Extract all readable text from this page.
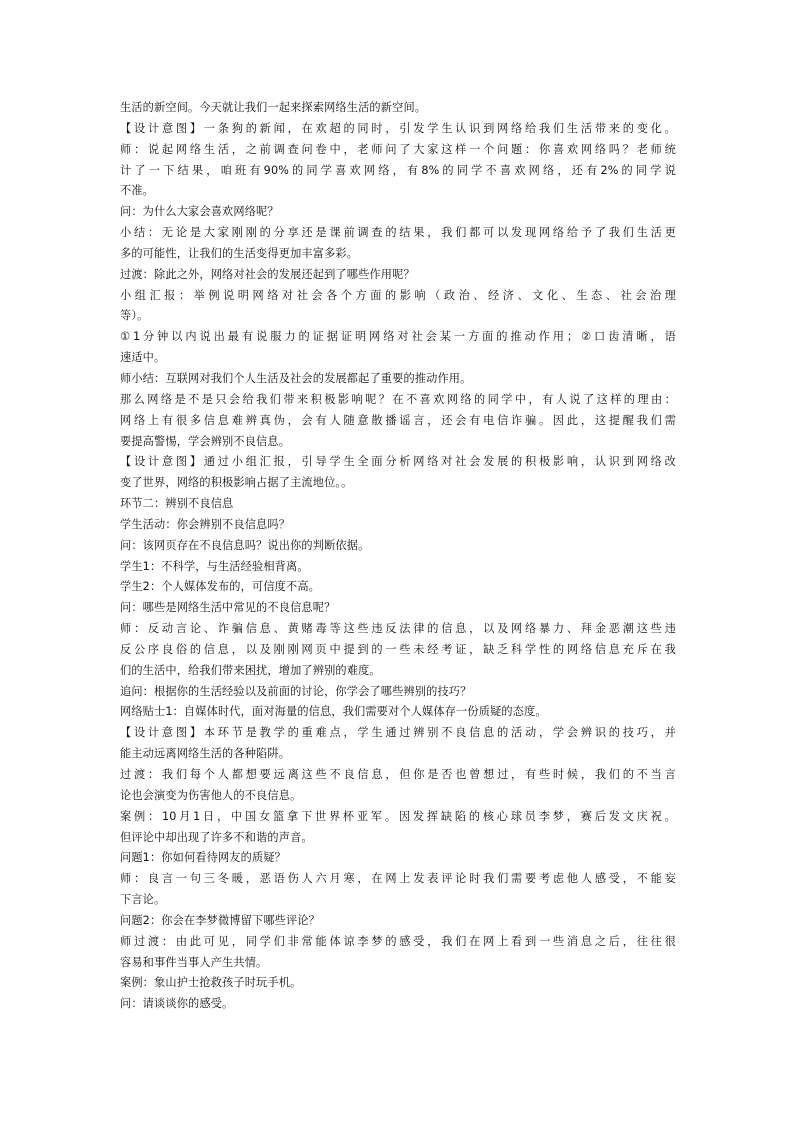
生活的新空间。今天就让我们一起来探索网络生活的新空间。
【设计意图】一条狗的新闻，在欢超的同时，引发学生认识到网络给我们生活带来的变化。
师：说起网络生活，之前调查问卷中，老师问了大家这样一个问题：你喜欢网络吗？老师统
计了一下结果，咱班有90%的同学喜欢网络，有8%的同学不喜欢网络，还有2%的同学说
不准。
问：为什么大家会喜欢网络呢？
小结：无论是大家刚刚的分享还是课前调查的结果，我们都可以发现网络给予了我们生活更
多的可能性，让我们的生活变得更加丰富多彩。
过渡：除此之外，网络对社会的发展还起到了哪些作用呢？
小组汇报：举例说明网络对社会各个方面的影响（政治、经济、文化、生态、社会治理
等）。
①1分钟以内说出最有说服力的证据证明网络对社会某一方面的推动作用；②口齿清晰，语
速适中。
师小结：互联网对我们个人生活及社会的发展都起了重要的推动作用。
那么网络是不是只会给我们带来积极影响呢？在不喜欢网络的同学中，有人说了这样的理由：
网络上有很多信息难辨真伪，会有人随意散播谣言，还会有电信诈骗。因此，这提醒我们需
要提高警惕，学会辨别不良信息。
【设计意图】通过小组汇报，引导学生全面分析网络对社会发展的积极影响，认识到网络改
变了世界，网络的积极影响占据了主流地位。。
环节二：辨别不良信息
学生活动：你会辨别不良信息吗？
问：该网页存在不良信息吗？说出你的判断依据。
学生1：不科学，与生活经验相背离。
学生2：个人媒体发布的，可信度不高。
问：哪些是网络生活中常见的不良信息呢？
师：反动言论、诈骗信息、黄赌毒等这些违反法律的信息，以及网络暴力、拜金恶潮这些违
反公序良俗的信息，以及刚刚网页中提到的一些未经考证，缺乏科学性的网络信息充斥在我
们的生活中，给我们带来困扰，增加了辨别的难度。
追问：根据你的生活经验以及前面的讨论，你学会了哪些辨别的技巧？
网络贴士1：自媒体时代，面对海量的信息，我们需要对个人媒体存一份质疑的态度。
【设计意图】本环节是教学的重难点，学生通过辨别不良信息的活动，学会辨识的技巧，并
能主动远离网络生活的各种陷阱。
过渡：我们每个人都想要远离这些不良信息，但你是否也曾想过，有些时候，我们的不当言
论也会演变为伤害他人的不良信息。
案例：10月1日，中国女篮拿下世界杯亚军。因发挥缺陷的核心球员李梦，赛后发文庆祝。
但评论中却出现了许多不和谐的声音。
问题1：你如何看待网友的质疑？
师：良言一句三冬暖，恶语伤人六月寒，在网上发表评论时我们需要考虑他人感受，不能妄
下言论。
问题2：你会在李梦微博留下哪些评论？
师过渡：由此可见，同学们非常能体谅李梦的感受，我们在网上看到一些消息之后，往往很
容易和事件当事人产生共情。
案例：象山护士抢救孩子时玩手机。
问：请谈谈你的感受。
